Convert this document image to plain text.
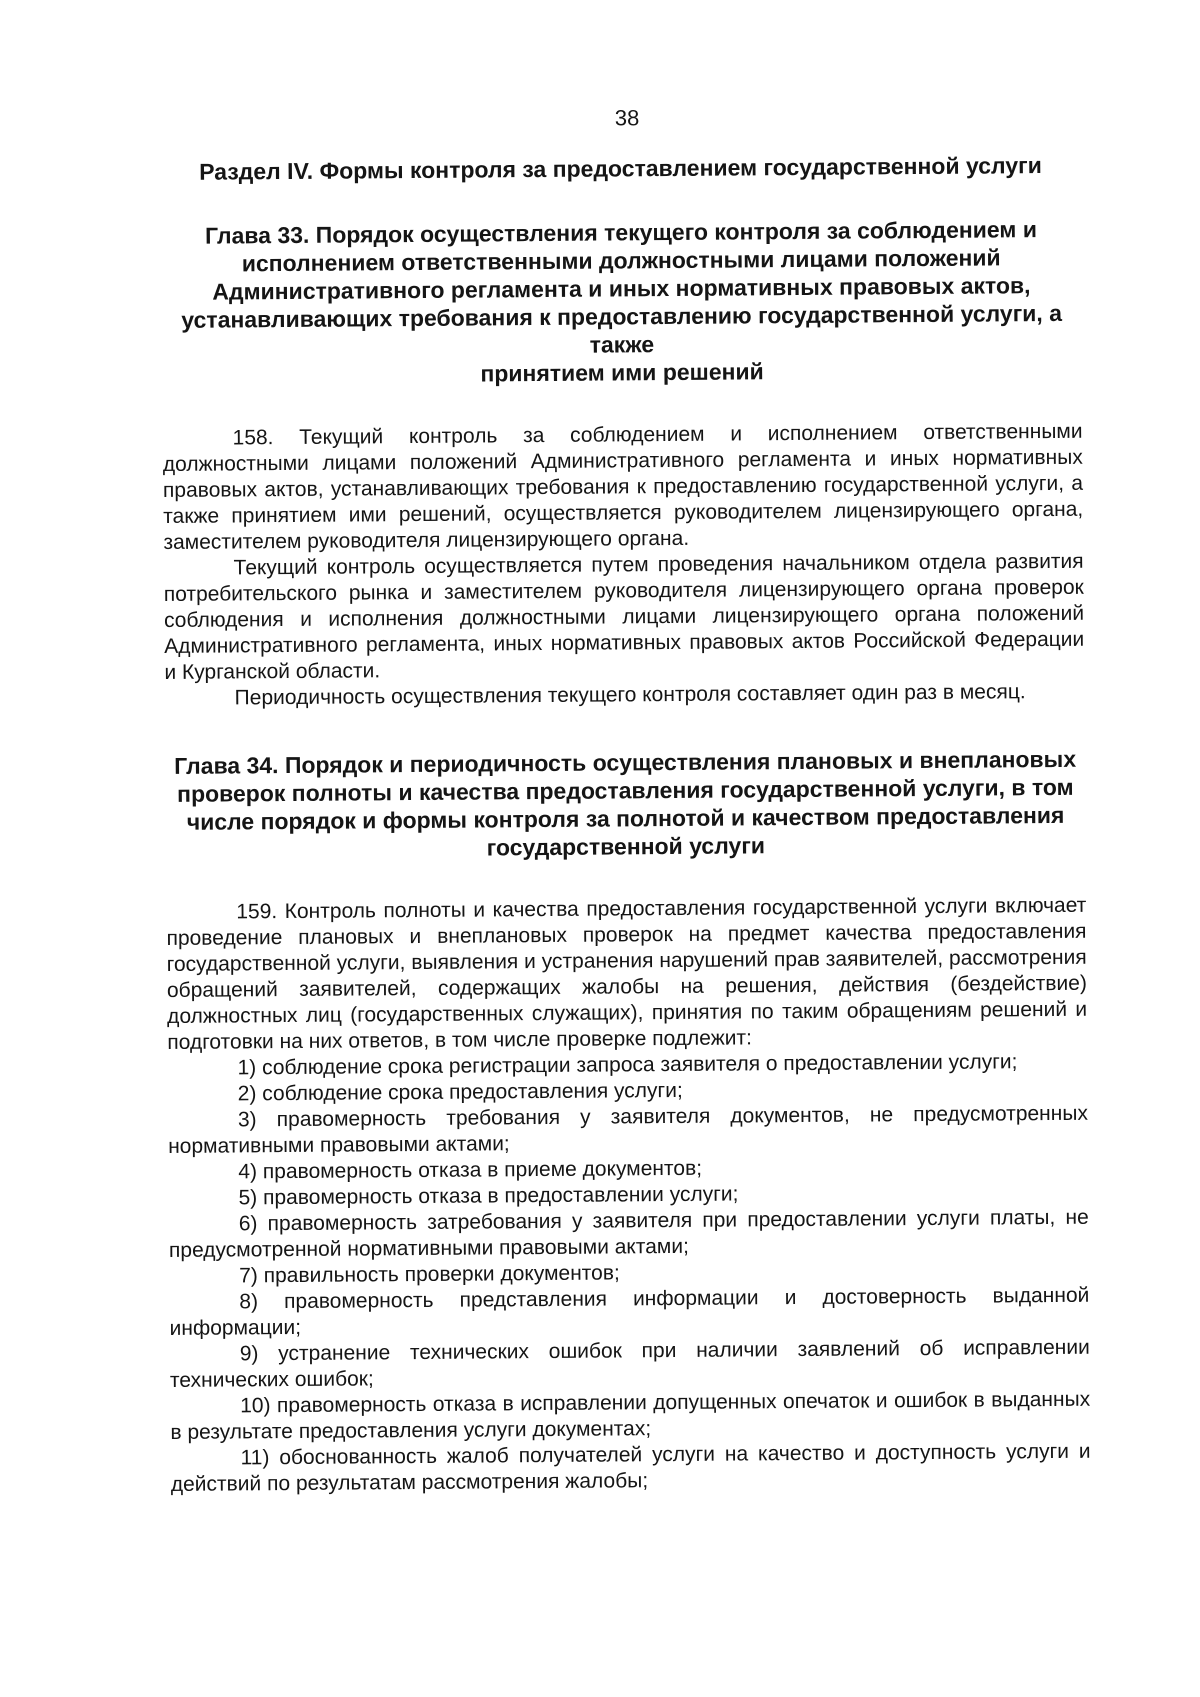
38
Раздел IV. Формы контроля за предоставлением государственной услуги
Глава 33. Порядок осуществления текущего контроля за соблюдением и
исполнением ответственными должностными лицами положений
Административного регламента и иных нормативных правовых актов,
устанавливающих требования к предоставлению государственной услуги, а также
принятием ими решений

158. Текущий контроль за соблюдением и исполнением ответственными должностными лицами положений Административного регламента и иных нормативных правовых актов, устанавливающих требования к предоставлению государственной услуги, а также принятием ими решений, осуществляется руководителем лицензирующего органа, заместителем руководителя лицензирующего органа.

Текущий контроль осуществляется путем проведения начальником отдела развития потребительского рынка и заместителем руководителя лицензирующего органа проверок соблюдения и исполнения должностными лицами лицензирующего органа положений Административного регламента, иных нормативных правовых актов Российской Федерации и Курганской области.

Периодичность осуществления текущего контроля составляет один раз в месяц.

Глава 34. Порядок и периодичность осуществления плановых и внеплановых
проверок полноты и качества предоставления государственной услуги, в том
числе порядок и формы контроля за полнотой и качеством предоставления
государственной услуги

159. Контроль полноты и качества предоставления государственной услуги включает проведение плановых и внеплановых проверок на предмет качества предоставления государственной услуги, выявления и устранения нарушений прав заявителей, рассмотрения обращений заявителей, содержащих жалобы на решения, действия (бездействие) должностных лиц (государственных служащих), принятия по таким обращениям решений и подготовки на них ответов, в том числе проверке подлежит:

1) соблюдение срока регистрации запроса заявителя о предоставлении услуги;

2) соблюдение срока предоставления услуги;

3) правомерность требования у заявителя документов, не предусмотренных нормативными правовыми актами;

4) правомерность отказа в приеме документов;

5) правомерность отказа в предоставлении услуги;

6) правомерность затребования у заявителя при предоставлении услуги платы, не предусмотренной нормативными правовыми актами;

7) правильность проверки документов;

8) правомерность представления информации и достоверность выданной информации;

9) устранение технических ошибок при наличии заявлений об исправлении технических ошибок;

10) правомерность отказа в исправлении допущенных опечаток и ошибок в выданных в результате предоставления услуги документах;

11) обоснованность жалоб получателей услуги на качество и доступность услуги и действий по результатам рассмотрения жалобы;
